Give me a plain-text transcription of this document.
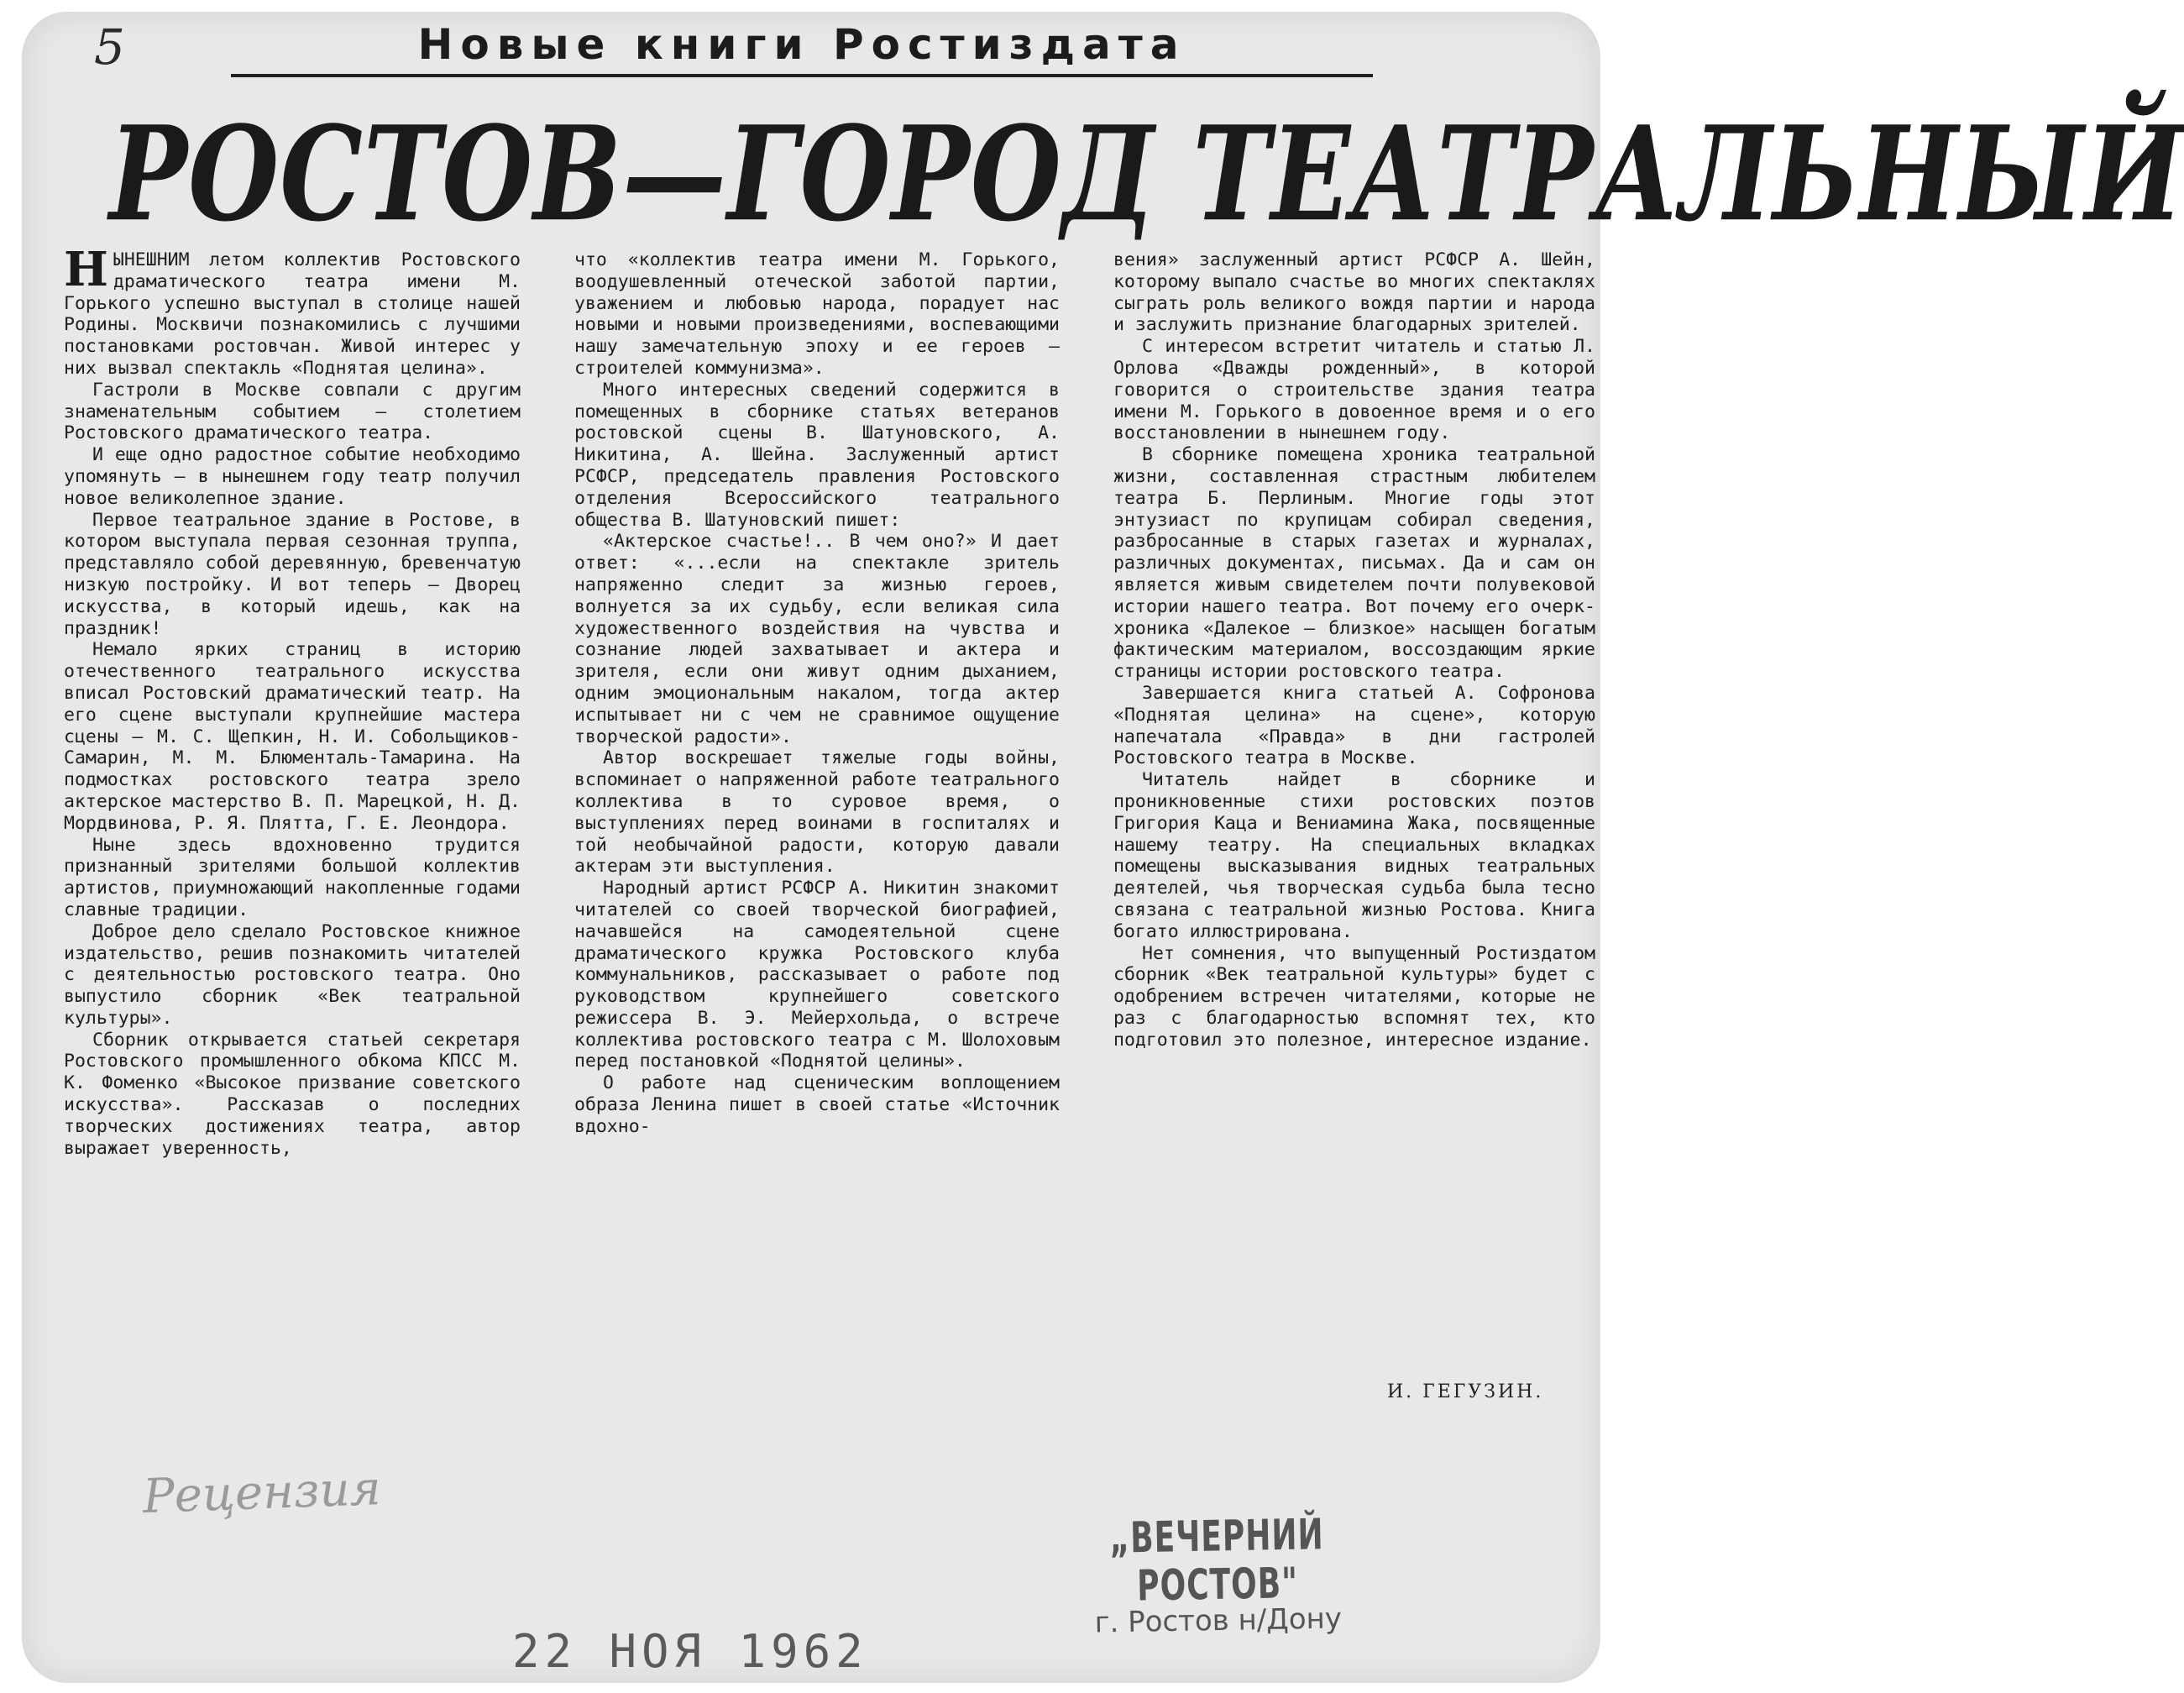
5	Новые книги Ростиздата
РОСТОВ—ГОРОД ТЕАТРАЛЬНЫЙ

НЫНЕШНИМ летом коллектив Ростовского драматического театра имени М. Горького успешно выступал в столице нашей Родины. Москвичи познакомились с лучшими постановками ростовчан. Живой интерес у них вызвал спектакль «Поднятая целина».

Гастроли в Москве совпали с другим знаменательным событием — столетием Ростовского драматического театра.

И еще одно радостное событие необходимо упомянуть — в нынешнем году театр получил новое великолепное здание.

Первое театральное здание в Ростове, в котором выступала первая сезонная труппа, представляло собой деревянную, бревенчатую низкую постройку. И вот теперь — Дворец искусства, в который идешь, как на праздник!

Немало ярких страниц в историю отечественного театрального искусства вписал Ростовский драматический театр. На его сцене выступали крупнейшие мастера сцены — М. С. Щепкин, Н. И. Собольщиков-Самарин, М. М. Блюменталь-Тамарина. На подмостках ростовского театра зрело актерское мастерство В. П. Марецкой, Н. Д. Мордвинова, Р. Я. Плятта, Г. Е. Леондора.

Ныне здесь вдохновенно трудится признанный зрителями большой коллектив артистов, приумножающий накопленные годами славные традиции.

Доброе дело сделало Ростовское книжное издательство, решив познакомить читателей с деятельностью ростовского театра. Оно выпустило сборник «Век театральной культуры».

Сборник открывается статьей секретаря Ростовского промышленного обкома КПСС М. К. Фоменко «Высокое призвание советского искусства». Рассказав о последних творческих достижениях театра, автор выражает уверенность,

что «коллектив театра имени М. Горького, воодушевленный отеческой заботой партии, уважением и любовью народа, порадует нас новыми и новыми произведениями, воспевающими нашу замечательную эпоху и ее героев — строителей коммунизма».

Много интересных сведений содержится в помещенных в сборнике статьях ветеранов ростовской сцены В. Шатуновского, А. Никитина, А. Шейна. Заслуженный артист РСФСР, председатель правления Ростовского отделения Всероссийского театрального общества В. Шатуновский пишет:

«Актерское счастье!.. В чем оно?» И дает ответ: «...если на спектакле зритель напряженно следит за жизнью героев, волнуется за их судьбу, если великая сила художественного воздействия на чувства и сознание людей захватывает и актера и зрителя, если они живут одним дыханием, одним эмоциональным накалом, тогда актер испытывает ни с чем не сравнимое ощущение творческой радости».

Автор воскрешает тяжелые годы войны, вспоминает о напряженной работе театрального коллектива в то суровое время, о выступлениях перед воинами в госпиталях и той необычайной радости, которую давали актерам эти выступления.

Народный артист РСФСР А. Никитин знакомит читателей со своей творческой биографией, начавшейся на самодеятельной сцене драматического кружка Ростовского клуба коммунальников, рассказывает о работе под руководством крупнейшего советского режиссера В. Э. Мейерхольда, о встрече коллектива ростовского театра с М. Шолоховым перед постановкой «Поднятой целины».

О работе над сценическим воплощением образа Ленина пишет в своей статье «Источник вдохно-

вения» заслуженный артист РСФСР А. Шейн, которому выпало счастье во многих спектаклях сыграть роль великого вождя партии и народа и заслужить признание благодарных зрителей.

С интересом встретит читатель и статью Л. Орлова «Дважды рожденный», в которой говорится о строительстве здания театра имени М. Горького в довоенное время и о его восстановлении в нынешнем году.

В сборнике помещена хроника театральной жизни, составленная страстным любителем театра Б. Перлиным. Многие годы этот энтузиаст по крупицам собирал сведения, разбросанные в старых газетах и журналах, различных документах, письмах. Да и сам он является живым свидетелем почти полувековой истории нашего театра. Вот почему его очерк-хроника «Далекое — близкое» насыщен богатым фактическим материалом, воссоздающим яркие страницы истории ростовского театра.

Завершается книга статьей А. Софронова «Поднятая целина» на сцене», которую напечатала «Правда» в дни гастролей Ростовского театра в Москве.

Читатель найдет в сборнике и проникновенные стихи ростовских поэтов Григория Каца и Вениамина Жака, посвященные нашему театру. На специальных вкладках помещены высказывания видных театральных деятелей, чья творческая судьба была тесно связана с театральной жизнью Ростова. Книга богато иллюстрирована.

Нет сомнения, что выпущенный Ростиздатом сборник «Век театральной культуры» будет с одобрением встречен читателями, которые не раз с благодарностью вспомнят тех, кто подготовил это полезное, интересное издание.

И. ГЕГУЗИН.
Рецензия
„ВЕЧЕРНИЙ РОСТОВ"
г. Ростов н/Дону
22 НОЯ 1962
